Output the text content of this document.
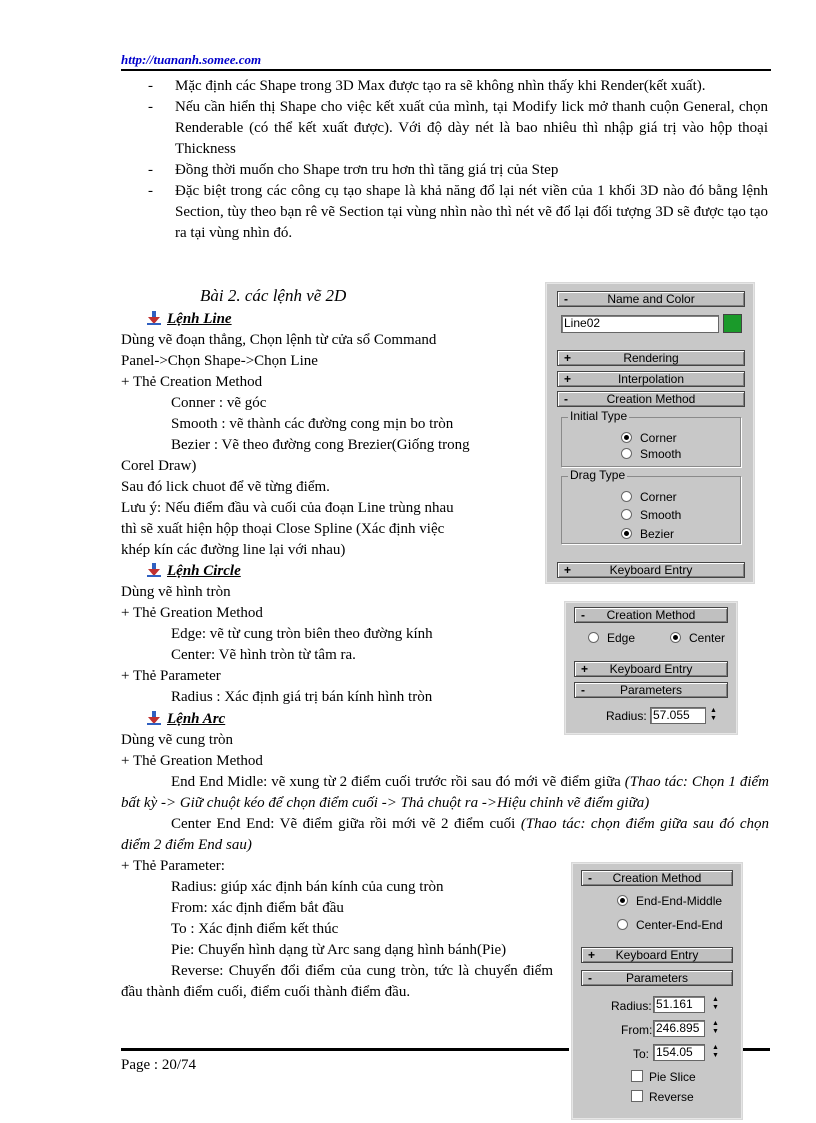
http://tuananh.somee.com
- Mặc định các Shape trong 3D Max được tạo ra sẽ không nhìn thấy khi Render(kết xuất).
- Nếu cần hiển thị Shape cho việc kết xuất của mình, tại Modify lick mở thanh cuộn General, chọn Renderable (có thể kết xuất được). Với độ dày nét là bao nhiêu thì nhập giá trị vào hộp thoại Thickness
- Đồng thời muốn cho Shape trơn tru hơn thì tăng giá trị của Step
- Đặc biệt trong các công cụ tạo shape là khả năng đổ lại nét viền của 1 khối 3D nào đó bằng lệnh Section, tùy theo bạn rê vẽ Section tại vùng nhìn nào thì nét vẽ đổ lại đối tượng 3D sẽ được tạo tạo ra tại vùng nhìn đó.
Bài 2. các lệnh vẽ 2D
Lệnh Line
Dùng vẽ đoạn thẳng, Chọn lệnh từ cửa sổ Command
Panel->Chọn Shape->Chọn Line
+ Thẻ Creation Method
Conner : vẽ góc
Smooth : vẽ thành các đường cong mịn bo tròn
Bezier : Vẽ theo đường cong Brezier(Giống trong
Corel Draw)
Sau đó lick chuot để vẽ từng điểm.
Lưu ý: Nếu điểm đầu và cuối của đoạn Line trùng nhau
thì sẽ xuất hiện hộp thoại Close Spline (Xác định việc
khép kín các đường line lại với nhau)
Lệnh Circle
Dùng vẽ hình tròn
+ Thẻ Greation Method
Edge: vẽ từ cung tròn biên theo đường kính
Center: Vẽ hình tròn từ tâm ra.
+ Thẻ Parameter
Radius : Xác định giá trị bán kính hình tròn
Lệnh Arc
Dùng vẽ cung tròn
+ Thẻ Greation Method
End End Midle: vẽ xung từ 2 điểm cuối trước rồi sau đó mới vẽ điểm giữa (Thao tác: Chọn 1 điểm bất kỳ -> Giữ chuột kéo để chọn điểm cuối -> Thả chuột ra ->Hiệu chỉnh vẽ điểm giữa)
Center End End: Vẽ điểm giữa rồi mới vẽ 2 điểm cuối (Thao tác: chọn điểm giữa sau đó chọn diểm 2 điểm End sau)
+ Thẻ Parameter:
Radius: giúp xác định bán kính của cung tròn
From: xác định điểm bắt đầu
To : Xác định điểm kết thúc
Pie: Chuyển hình dạng từ Arc sang dạng hình bánh(Pie)
Reverse: Chuyển đổi điểm của cung tròn, tức là chuyển điểm đầu thành điểm cuối, điểm cuối thành điểm đầu.
Page : 20/74
-	Name and Color
Line02
+	Rendering
+	Interpolation
-	Creation Method
Initial Type
Corner
Smooth
Drag Type
Corner
Smooth
Bezier
+	Keyboard Entry
-	Creation Method
Edge	Center
+	Keyboard Entry
-	Parameters
Radius: 57.055	▲
▼
-	Creation Method
End-End-Middle
Center-End-End
+	Keyboard Entry
-	Parameters
Radius: 51.161	▲
▼
From: 246.895	▲
▼
To: 154.05	▲
▼
Pie Slice
Reverse
